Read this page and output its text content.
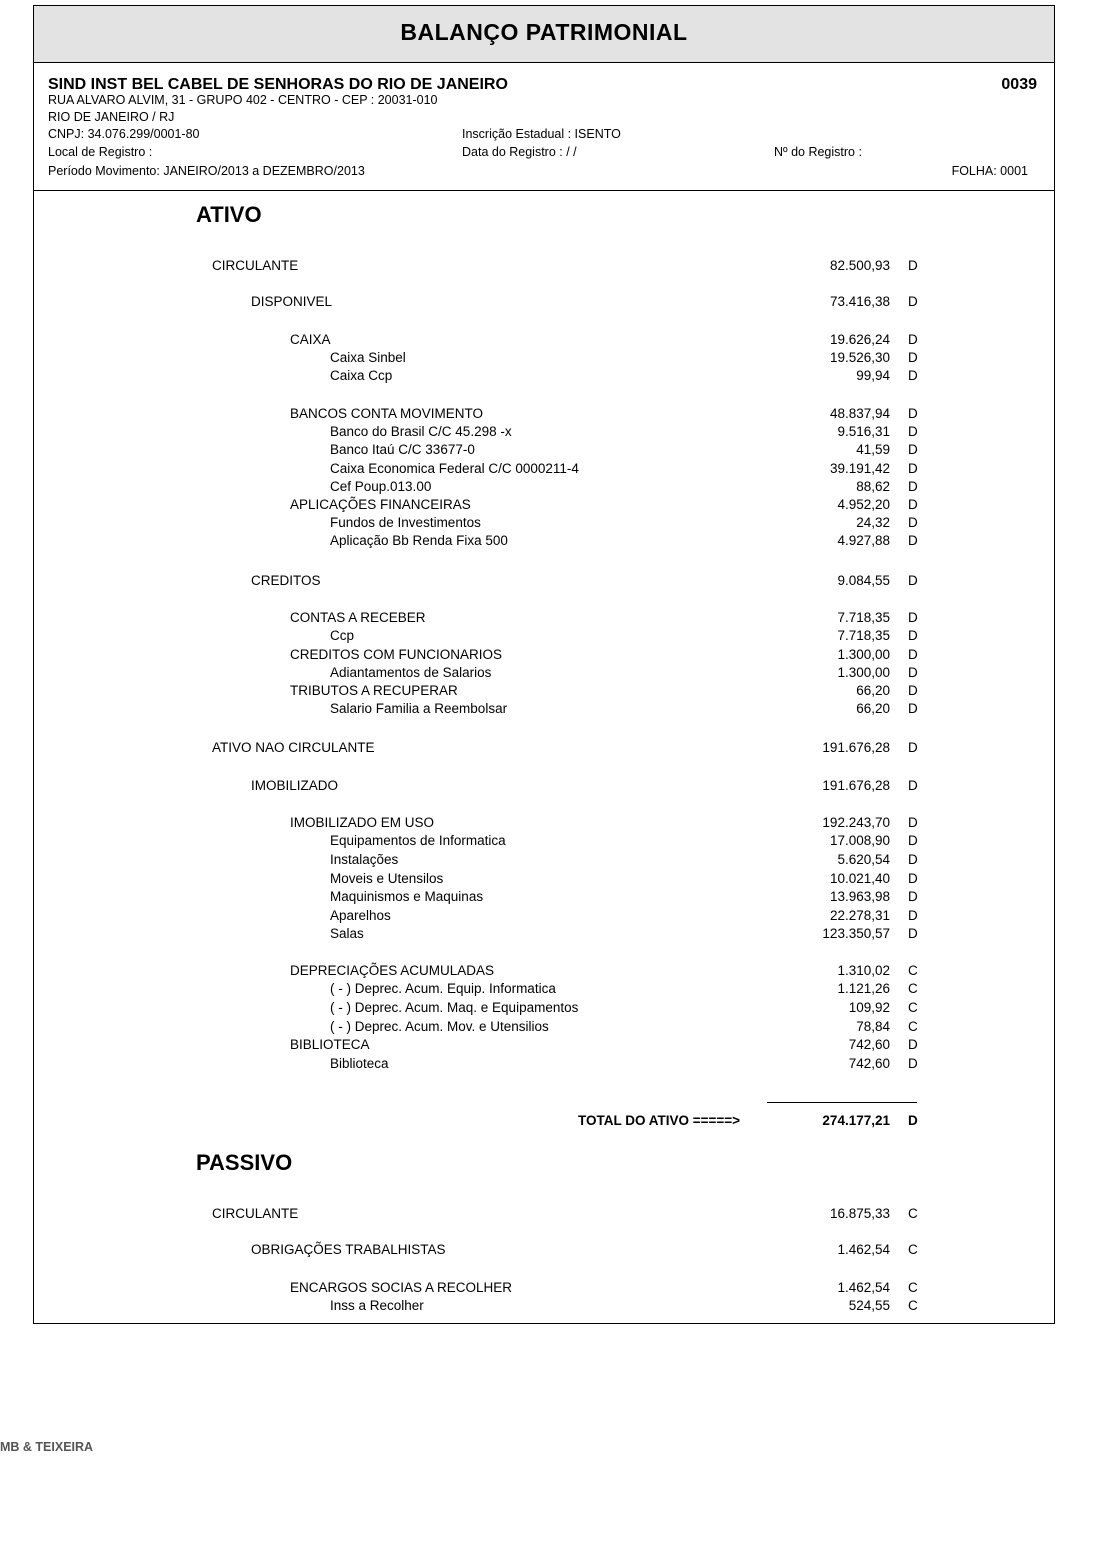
BALANÇO PATRIMONIAL
SIND INST BEL CABEL DE SENHORAS DO RIO DE JANEIRO	0039
RUA ALVARO ALVIM, 31 - GRUPO 402 - CENTRO - CEP : 20031-010
RIO DE JANEIRO / RJ
CNPJ: 34.076.299/0001-80	Inscrição Estadual : ISENTO
Local de Registro :	Data do Registro : / /	Nº do Registro :
Período Movimento: JANEIRO/2013 a DEZEMBRO/2013	FOLHA: 0001
ATIVO
CIRCULANTE	82.500,93 D
DISPONIVEL	73.416,38 D
CAIXA	19.626,24 D
Caixa Sinbel	19.526,30 D
Caixa Ccp	99,94 D
BANCOS CONTA MOVIMENTO	48.837,94 D
Banco do Brasil C/C 45.298 -x	9.516,31 D
Banco Itaú C/C 33677-0	41,59 D
Caixa Economica Federal C/C 0000211-4	39.191,42 D
Cef Poup.013.00	88,62 D
APLICAÇÕES FINANCEIRAS	4.952,20 D
Fundos de Investimentos	24,32 D
Aplicação Bb Renda Fixa 500	4.927,88 D
CREDITOS	9.084,55 D
CONTAS A RECEBER	7.718,35 D
Ccp	7.718,35 D
CREDITOS COM FUNCIONARIOS	1.300,00 D
Adiantamentos de Salarios	1.300,00 D
TRIBUTOS A RECUPERAR	66,20 D
Salario Familia a Reembolsar	66,20 D
ATIVO NAO CIRCULANTE	191.676,28 D
IMOBILIZADO	191.676,28 D
IMOBILIZADO EM USO	192.243,70 D
Equipamentos de Informatica	17.008,90 D
Instalações	5.620,54 D
Moveis e Utensilos	10.021,40 D
Maquinismos e Maquinas	13.963,98 D
Aparelhos	22.278,31 D
Salas	123.350,57 D
DEPRECIAÇÕES ACUMULADAS	1.310,02 C
( - ) Deprec. Acum. Equip. Informatica	1.121,26 C
( - ) Deprec. Acum. Maq. e Equipamentos	109,92 C
( - ) Deprec. Acum. Mov. e Utensilios	78,84 C
BIBLIOTECA	742,60 D
Biblioteca	742,60 D
TOTAL DO ATIVO =====>	274.177,21 D
PASSIVO
CIRCULANTE	16.875,33 C
OBRIGAÇÕES TRABALHISTAS	1.462,54 C
ENCARGOS SOCIAS A RECOLHER	1.462,54 C
Inss a Recolher	524,55 C
MB & TEIXEIRA
